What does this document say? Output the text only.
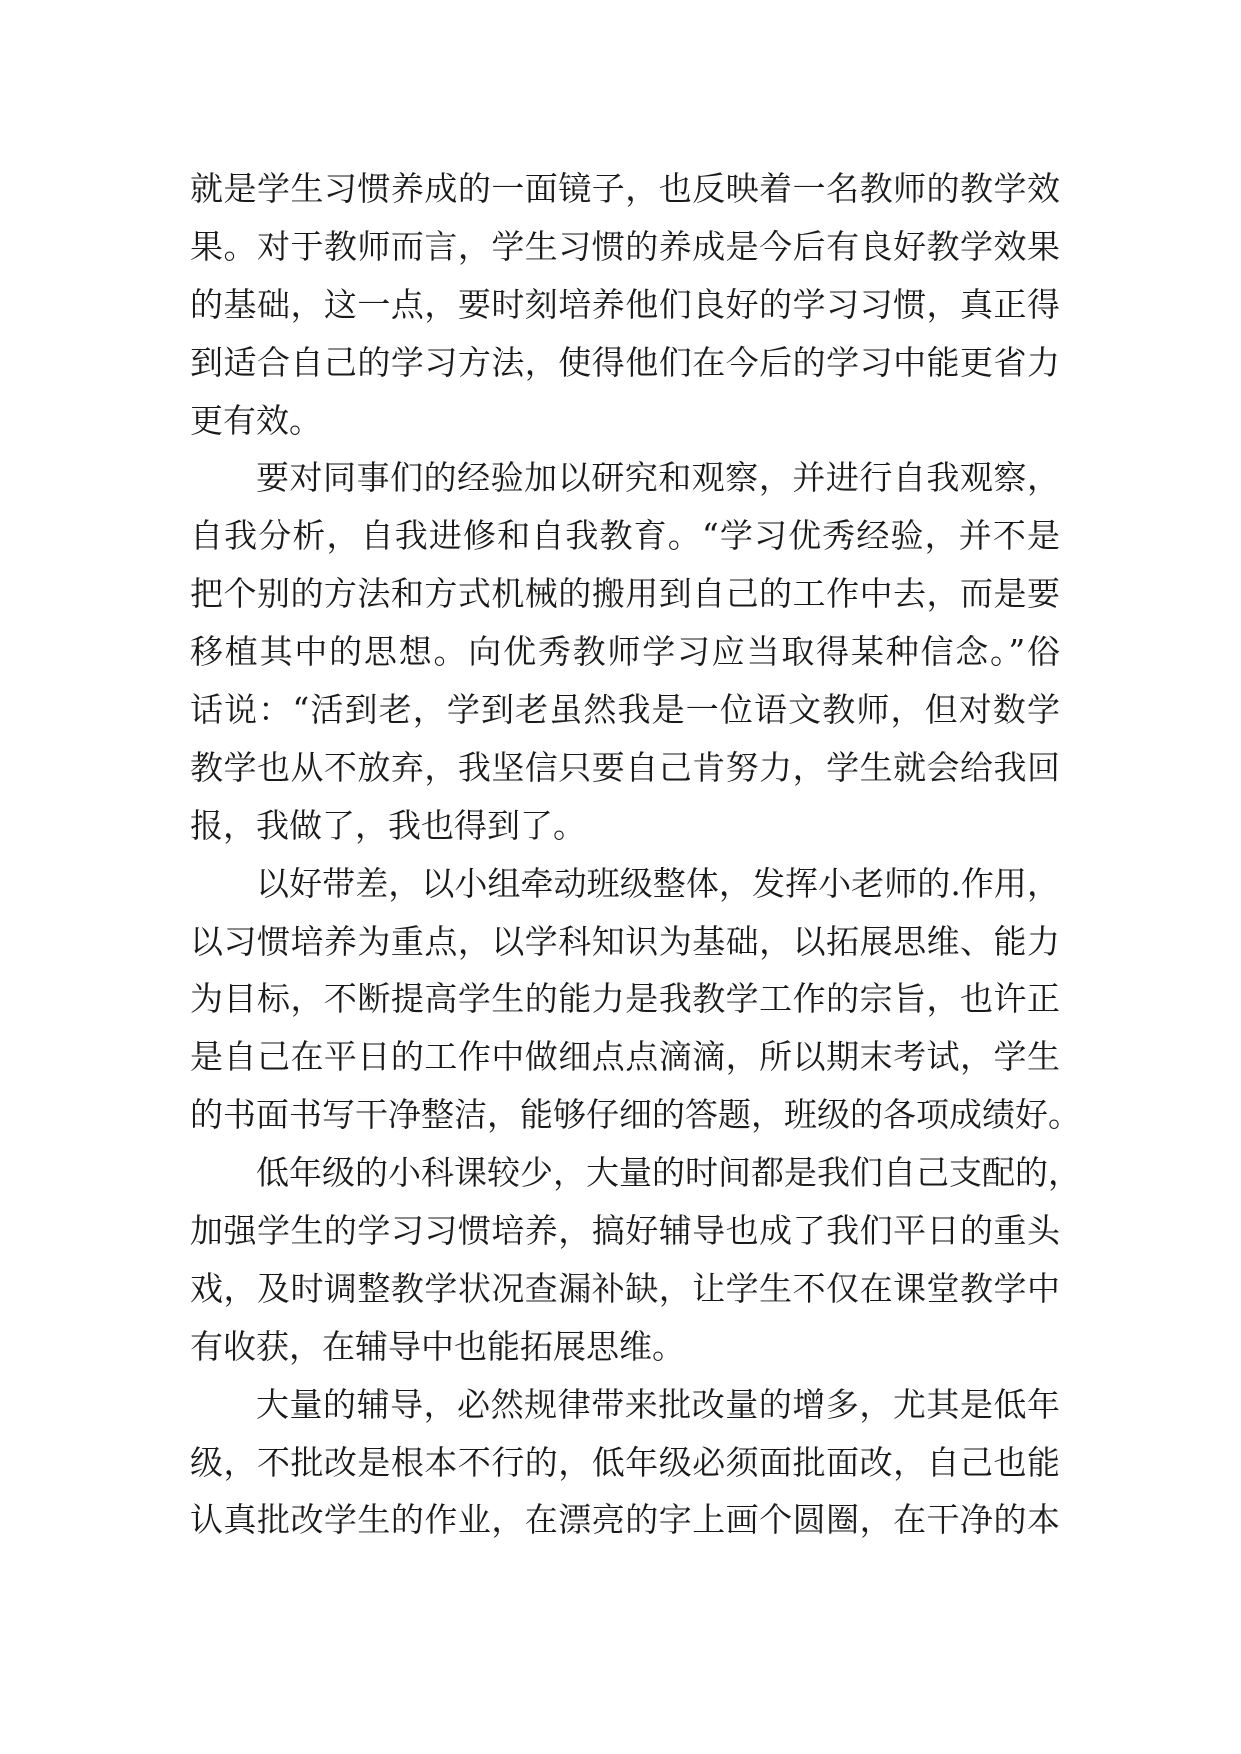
就是学生习惯养成的一面镜子，也反映着一名教师的教学效
果。对于教师而言，学生习惯的养成是今后有良好教学效果
的基础，这一点，要时刻培养他们良好的学习习惯，真正得
到适合自己的学习方法，使得他们在今后的学习中能更省力
更有效。
要对同事们的经验加以研究和观察，并进行自我观察，
自我分析，自我进修和自我教育。“学习优秀经验，并不是
把个别的方法和方式机械的搬用到自己的工作中去，而是要
移植其中的思想。向优秀教师学习应当取得某种信念。”俗
话说：“活到老，学到老虽然我是一位语文教师，但对数学
教学也从不放弃，我坚信只要自己肯努力，学生就会给我回
报，我做了，我也得到了。
以好带差，以小组牵动班级整体，发挥小老师的.作用，
以习惯培养为重点，以学科知识为基础，以拓展思维、能力
为目标，不断提高学生的能力是我教学工作的宗旨，也许正
是自己在平日的工作中做细点点滴滴，所以期末考试，学生
的书面书写干净整洁，能够仔细的答题，班级的各项成绩好。
低年级的小科课较少，大量的时间都是我们自己支配的，
加强学生的学习习惯培养，搞好辅导也成了我们平日的重头
戏，及时调整教学状况查漏补缺，让学生不仅在课堂教学中
有收获，在辅导中也能拓展思维。
大量的辅导，必然规律带来批改量的增多，尤其是低年
级，不批改是根本不行的，低年级必须面批面改，自己也能
认真批改学生的作业，在漂亮的字上画个圆圈，在干净的本
